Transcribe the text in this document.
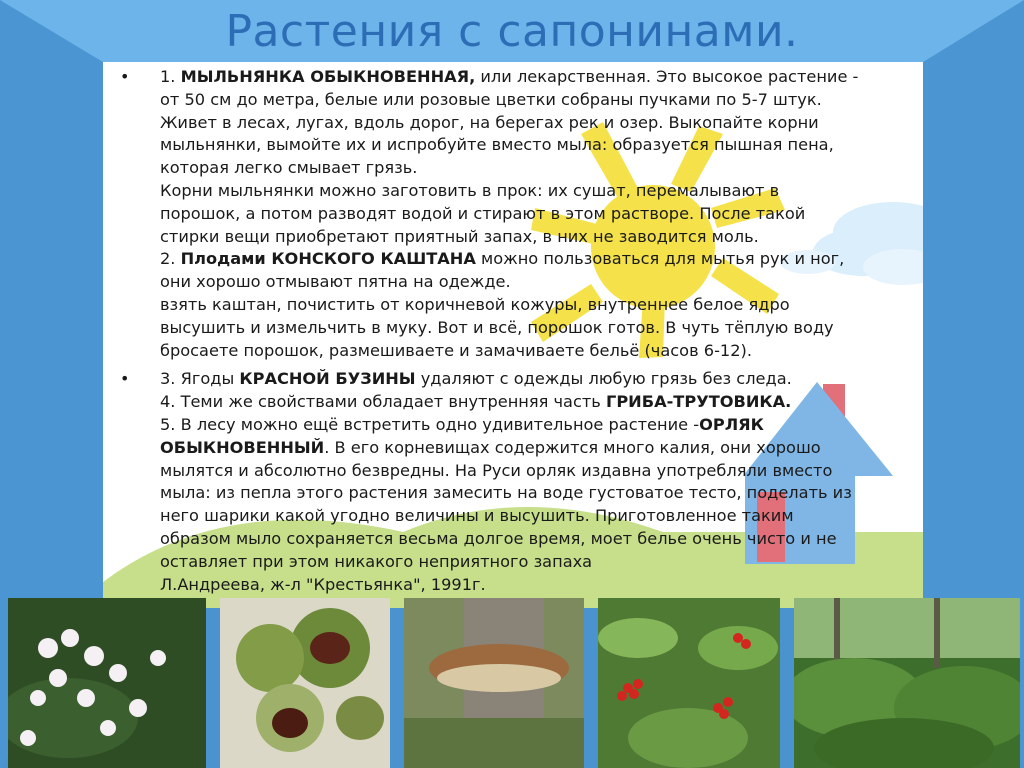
Растения с сапонинами.
• 1. МЫЛЬНЯНКА ОБЫКНОВЕННАЯ, или лекарственная. Это высокое растение -

от 50 см до метра, белые или розовые цветки собраны пучками по 5-7 штук.

Живет в лесах, лугах, вдоль дорог, на берегах рек и озер. Выкопайте корни

мыльнянки, вымойте их и испробуйте вместо мыла: образуется пышная пена,

которая легко смывает грязь.

Корни мыльнянки можно заготовить в прок: их сушат, перемалывают в

порошок, а потом разводят водой и стирают в этом растворе. После такой

стирки вещи приобретают приятный запах, в них не заводится моль.

2. Плодами КОНСКОГО КАШТАНА можно пользоваться для мытья рук и ног,

они хорошо отмывают пятна на одежде.

взять каштан, почистить от коричневой кожуры, внутреннее белое ядро

высушить и измельчить в муку. Вот и всё, порошок готов. В чуть тёплую воду

бросаете порошок, размешиваете и замачиваете бельё (часов 6-12).

• 3. Ягоды КРАСНОЙ БУЗИНЫ удаляют с одежды любую грязь без следа.

4. Теми же свойствами обладает внутренняя часть ГРИБА-ТРУТОВИКА.

5. В лесу можно ещё встретить одно удивительное растение -ОРЛЯК

ОБЫКНОВЕННЫЙ. В его корневищах содержится много калия, они хорошо

мылятся и абсолютно безвредны. На Руси орляк издавна употребляли вместо

мыла: из пепла этого растения замесить на воде густоватое тесто, поделать из

него шарики какой угодно величины и высушить. Приготовленное таким

образом мыло сохраняется весьма долгое время, моет белье очень чисто и не

оставляет при этом никакого неприятного запаха

Л.Андреева, ж-л "Крестьянка", 1991г.
